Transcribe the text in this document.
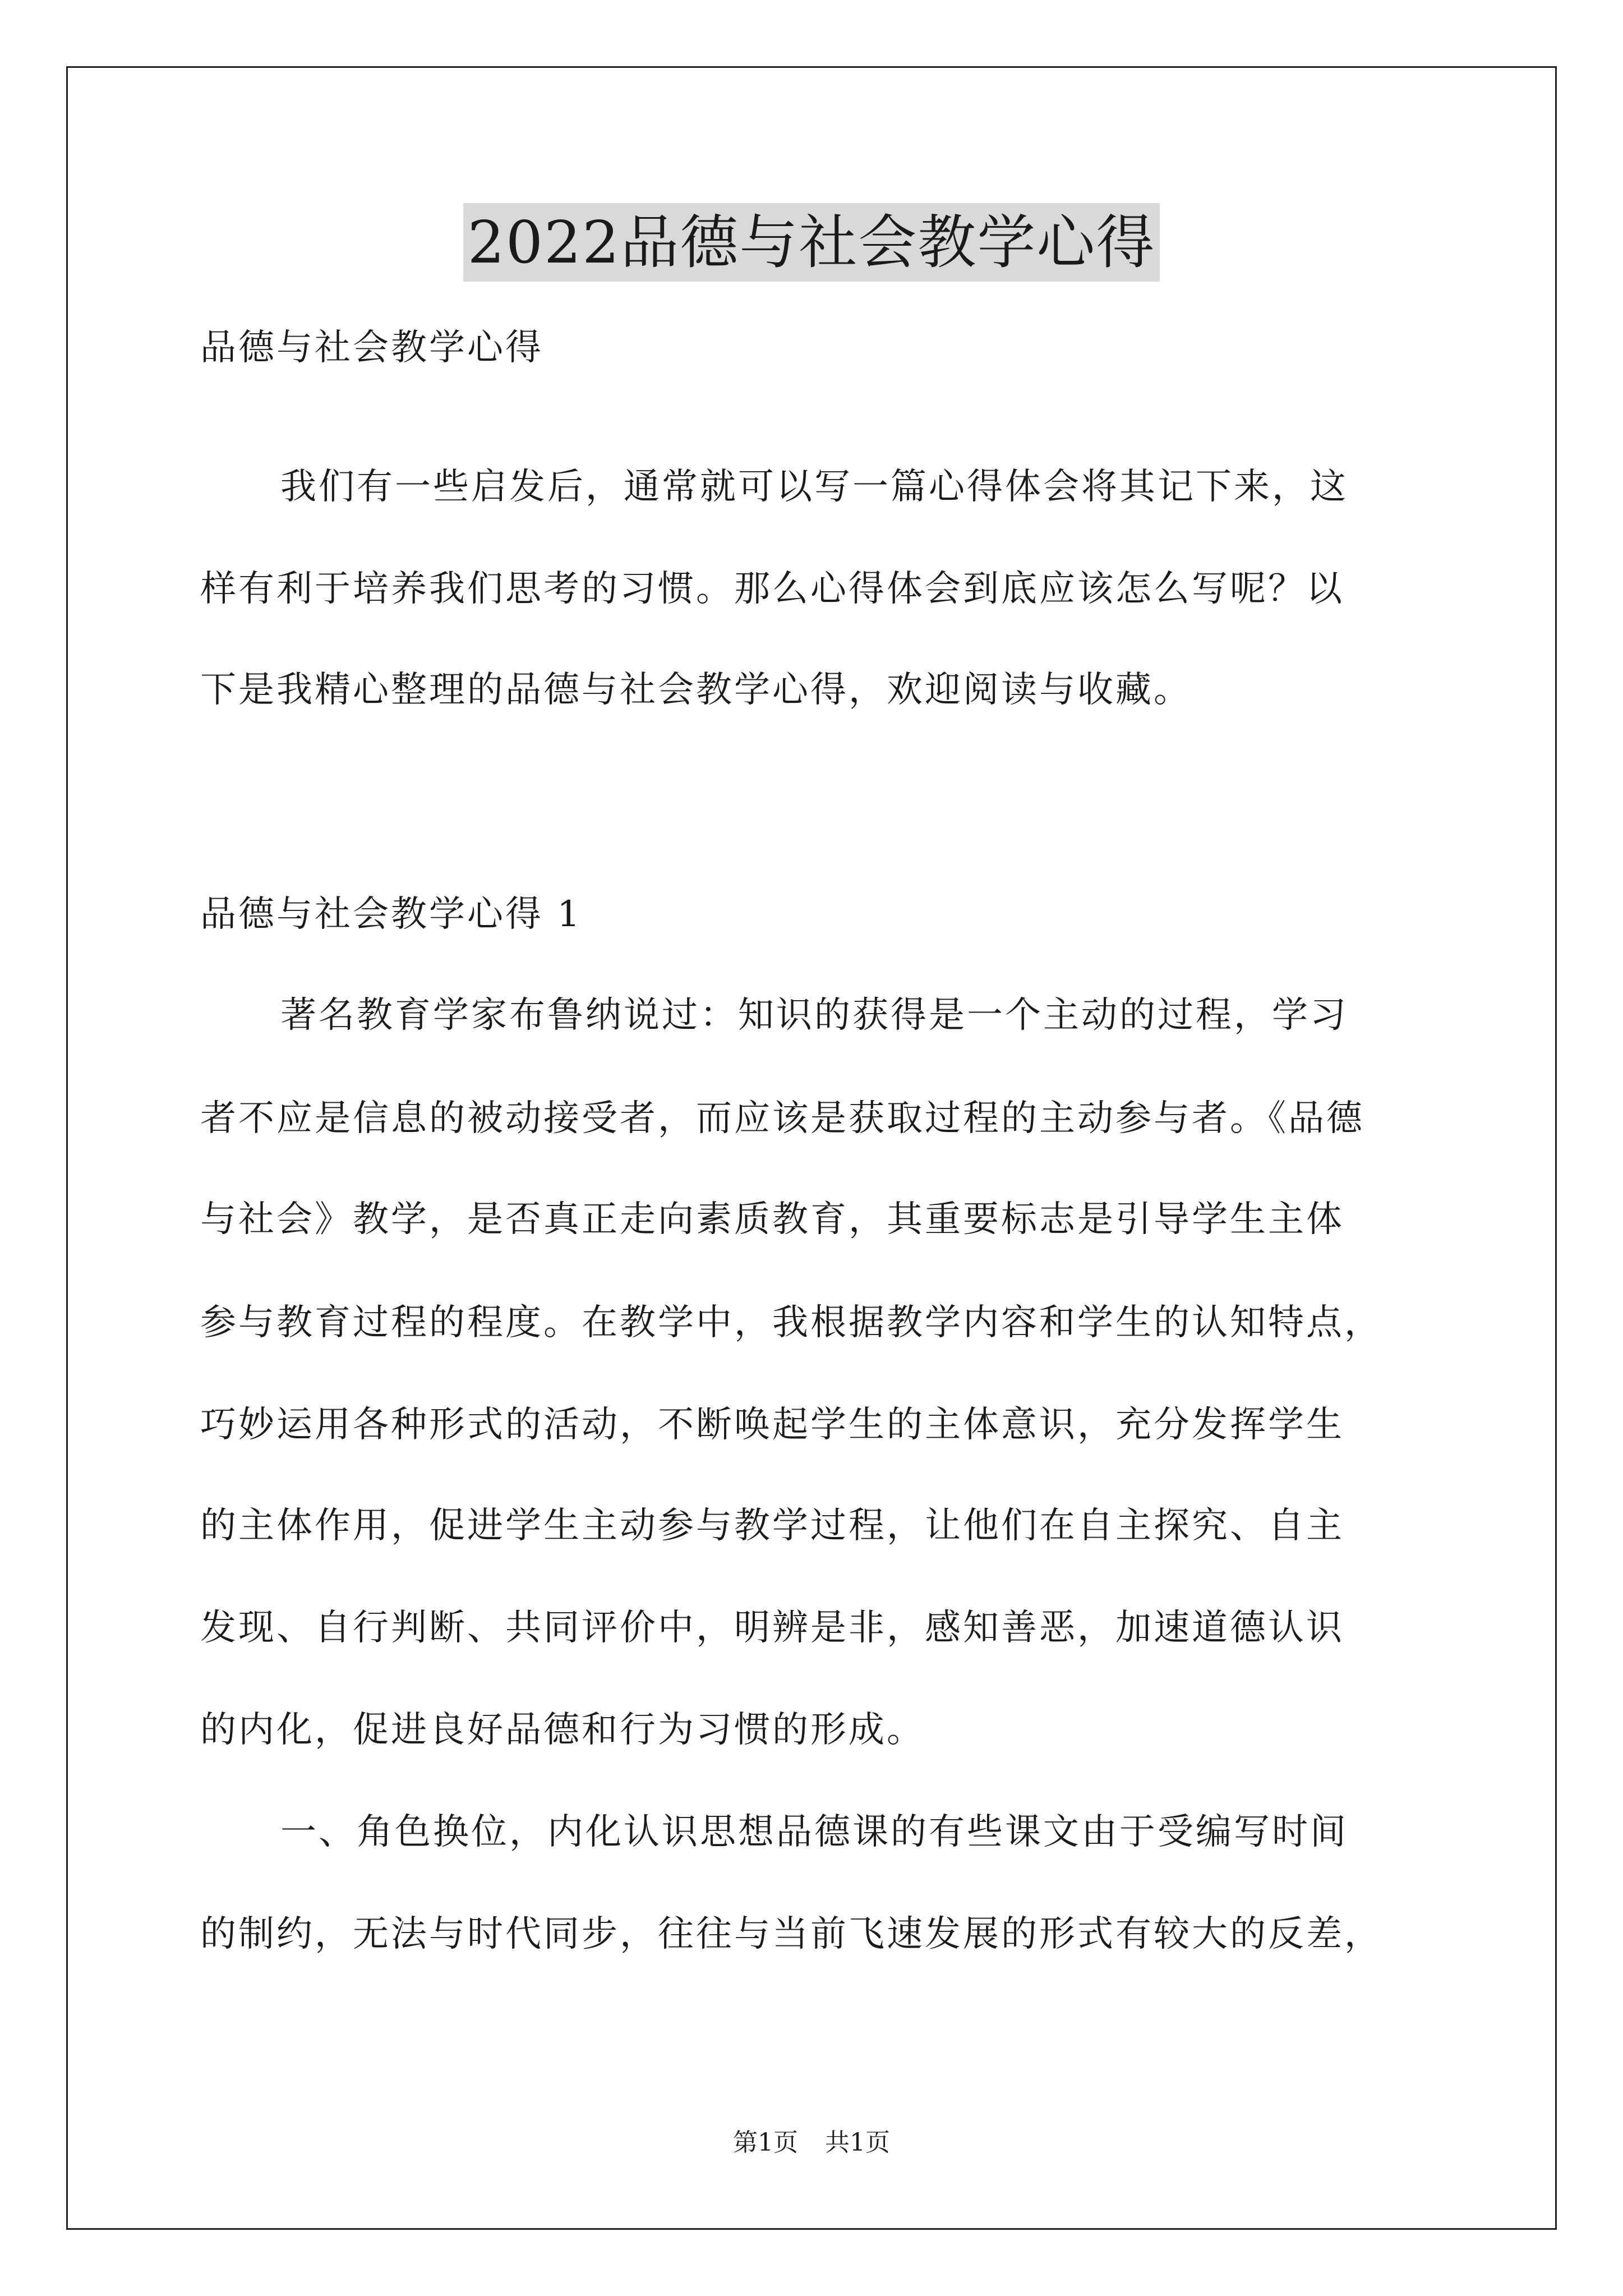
2022品德与社会教学心得
品德与社会教学心得
我们有一些启发后，通常就可以写一篇心得体会将其记下来，这
样有利于培养我们思考的习惯。那么心得体会到底应该怎么写呢？以
下是我精心整理的品德与社会教学心得，欢迎阅读与收藏。
品德与社会教学心得 1
著名教育学家布鲁纳说过：知识的获得是一个主动的过程，学习
者不应是信息的被动接受者，而应该是获取过程的主动参与者。《品德
与社会》教学，是否真正走向素质教育，其重要标志是引导学生主体
参与教育过程的程度。在教学中，我根据教学内容和学生的认知特点，
巧妙运用各种形式的活动，不断唤起学生的主体意识，充分发挥学生
的主体作用，促进学生主动参与教学过程，让他们在自主探究、自主
发现、自行判断、共同评价中，明辨是非，感知善恶，加速道德认识
的内化，促进良好品德和行为习惯的形成。
一、角色换位，内化认识思想品德课的有些课文由于受编写时间
的制约，无法与时代同步，往往与当前飞速发展的形式有较大的反差，
第1页 共1页
